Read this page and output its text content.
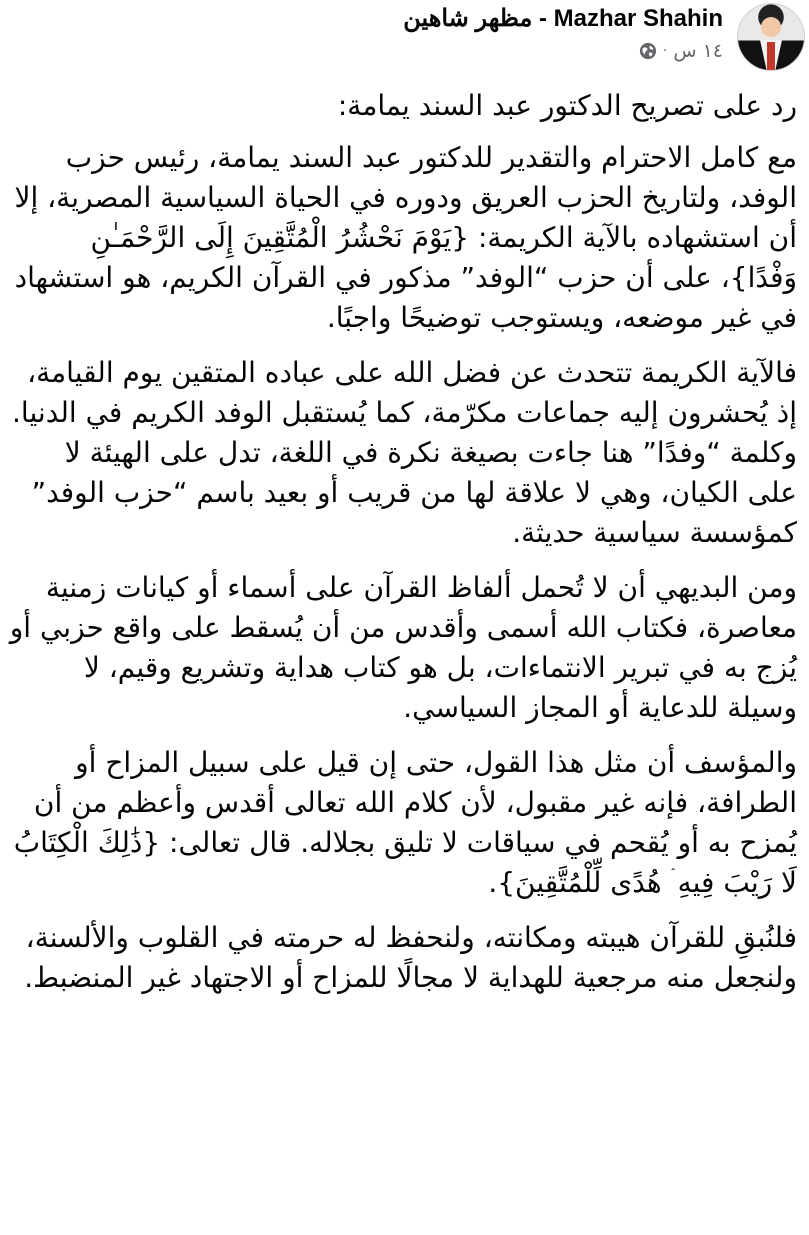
Mazhar Shahin - مظهر شاهين
١٤ س
·

رد على تصريح الدكتور عبد السند يمامة:

مع كامل الاحترام والتقدير للدكتور عبد السند يمامة، رئيس حزب الوفد، ولتاريخ الحزب العريق ودوره في الحياة السياسية المصرية، إلا أن استشهاده بالآية الكريمة: {يَوْمَ نَحْشُرُ الْمُتَّقِينَ إِلَى الرَّحْمَـٰنِ وَفْدًا}، على أن حزب “الوفد” مذكور في القرآن الكريم، هو استشهاد في غير موضعه، ويستوجب توضيحًا واجبًا.

فالآية الكريمة تتحدث عن فضل الله على عباده المتقين يوم القيامة، إذ يُحشرون إليه جماعات مكرّمة، كما يُستقبل الوفد الكريم في الدنيا. وكلمة “وفدًا” هنا جاءت بصيغة نكرة في اللغة، تدل على الهيئة لا على الكيان، وهي لا علاقة لها من قريب أو بعيد باسم “حزب الوفد” كمؤسسة سياسية حديثة.

ومن البديهي أن لا تُحمل ألفاظ القرآن على أسماء أو كيانات زمنية معاصرة، فكتاب الله أسمى وأقدس من أن يُسقط على واقع حزبي أو يُزج به في تبرير الانتماءات، بل هو كتاب هداية وتشريع وقيم، لا وسيلة للدعاية أو المجاز السياسي.

والمؤسف أن مثل هذا القول، حتى إن قيل على سبيل المزاح أو الطرافة، فإنه غير مقبول، لأن كلام الله تعالى أقدس وأعظم من أن يُمزح به أو يُقحم في سياقات لا تليق بجلاله. قال تعالى: {ذَٰلِكَ الْكِتَابُ لَا رَيْبَ فِيهِ ۛ هُدًى لِّلْمُتَّقِينَ}.

فلنُبقِ للقرآن هيبته ومكانته، ولنحفظ له حرمته في القلوب والألسنة، ولنجعل منه مرجعية للهداية لا مجالًا للمزاح أو الاجتهاد غير المنضبط.
